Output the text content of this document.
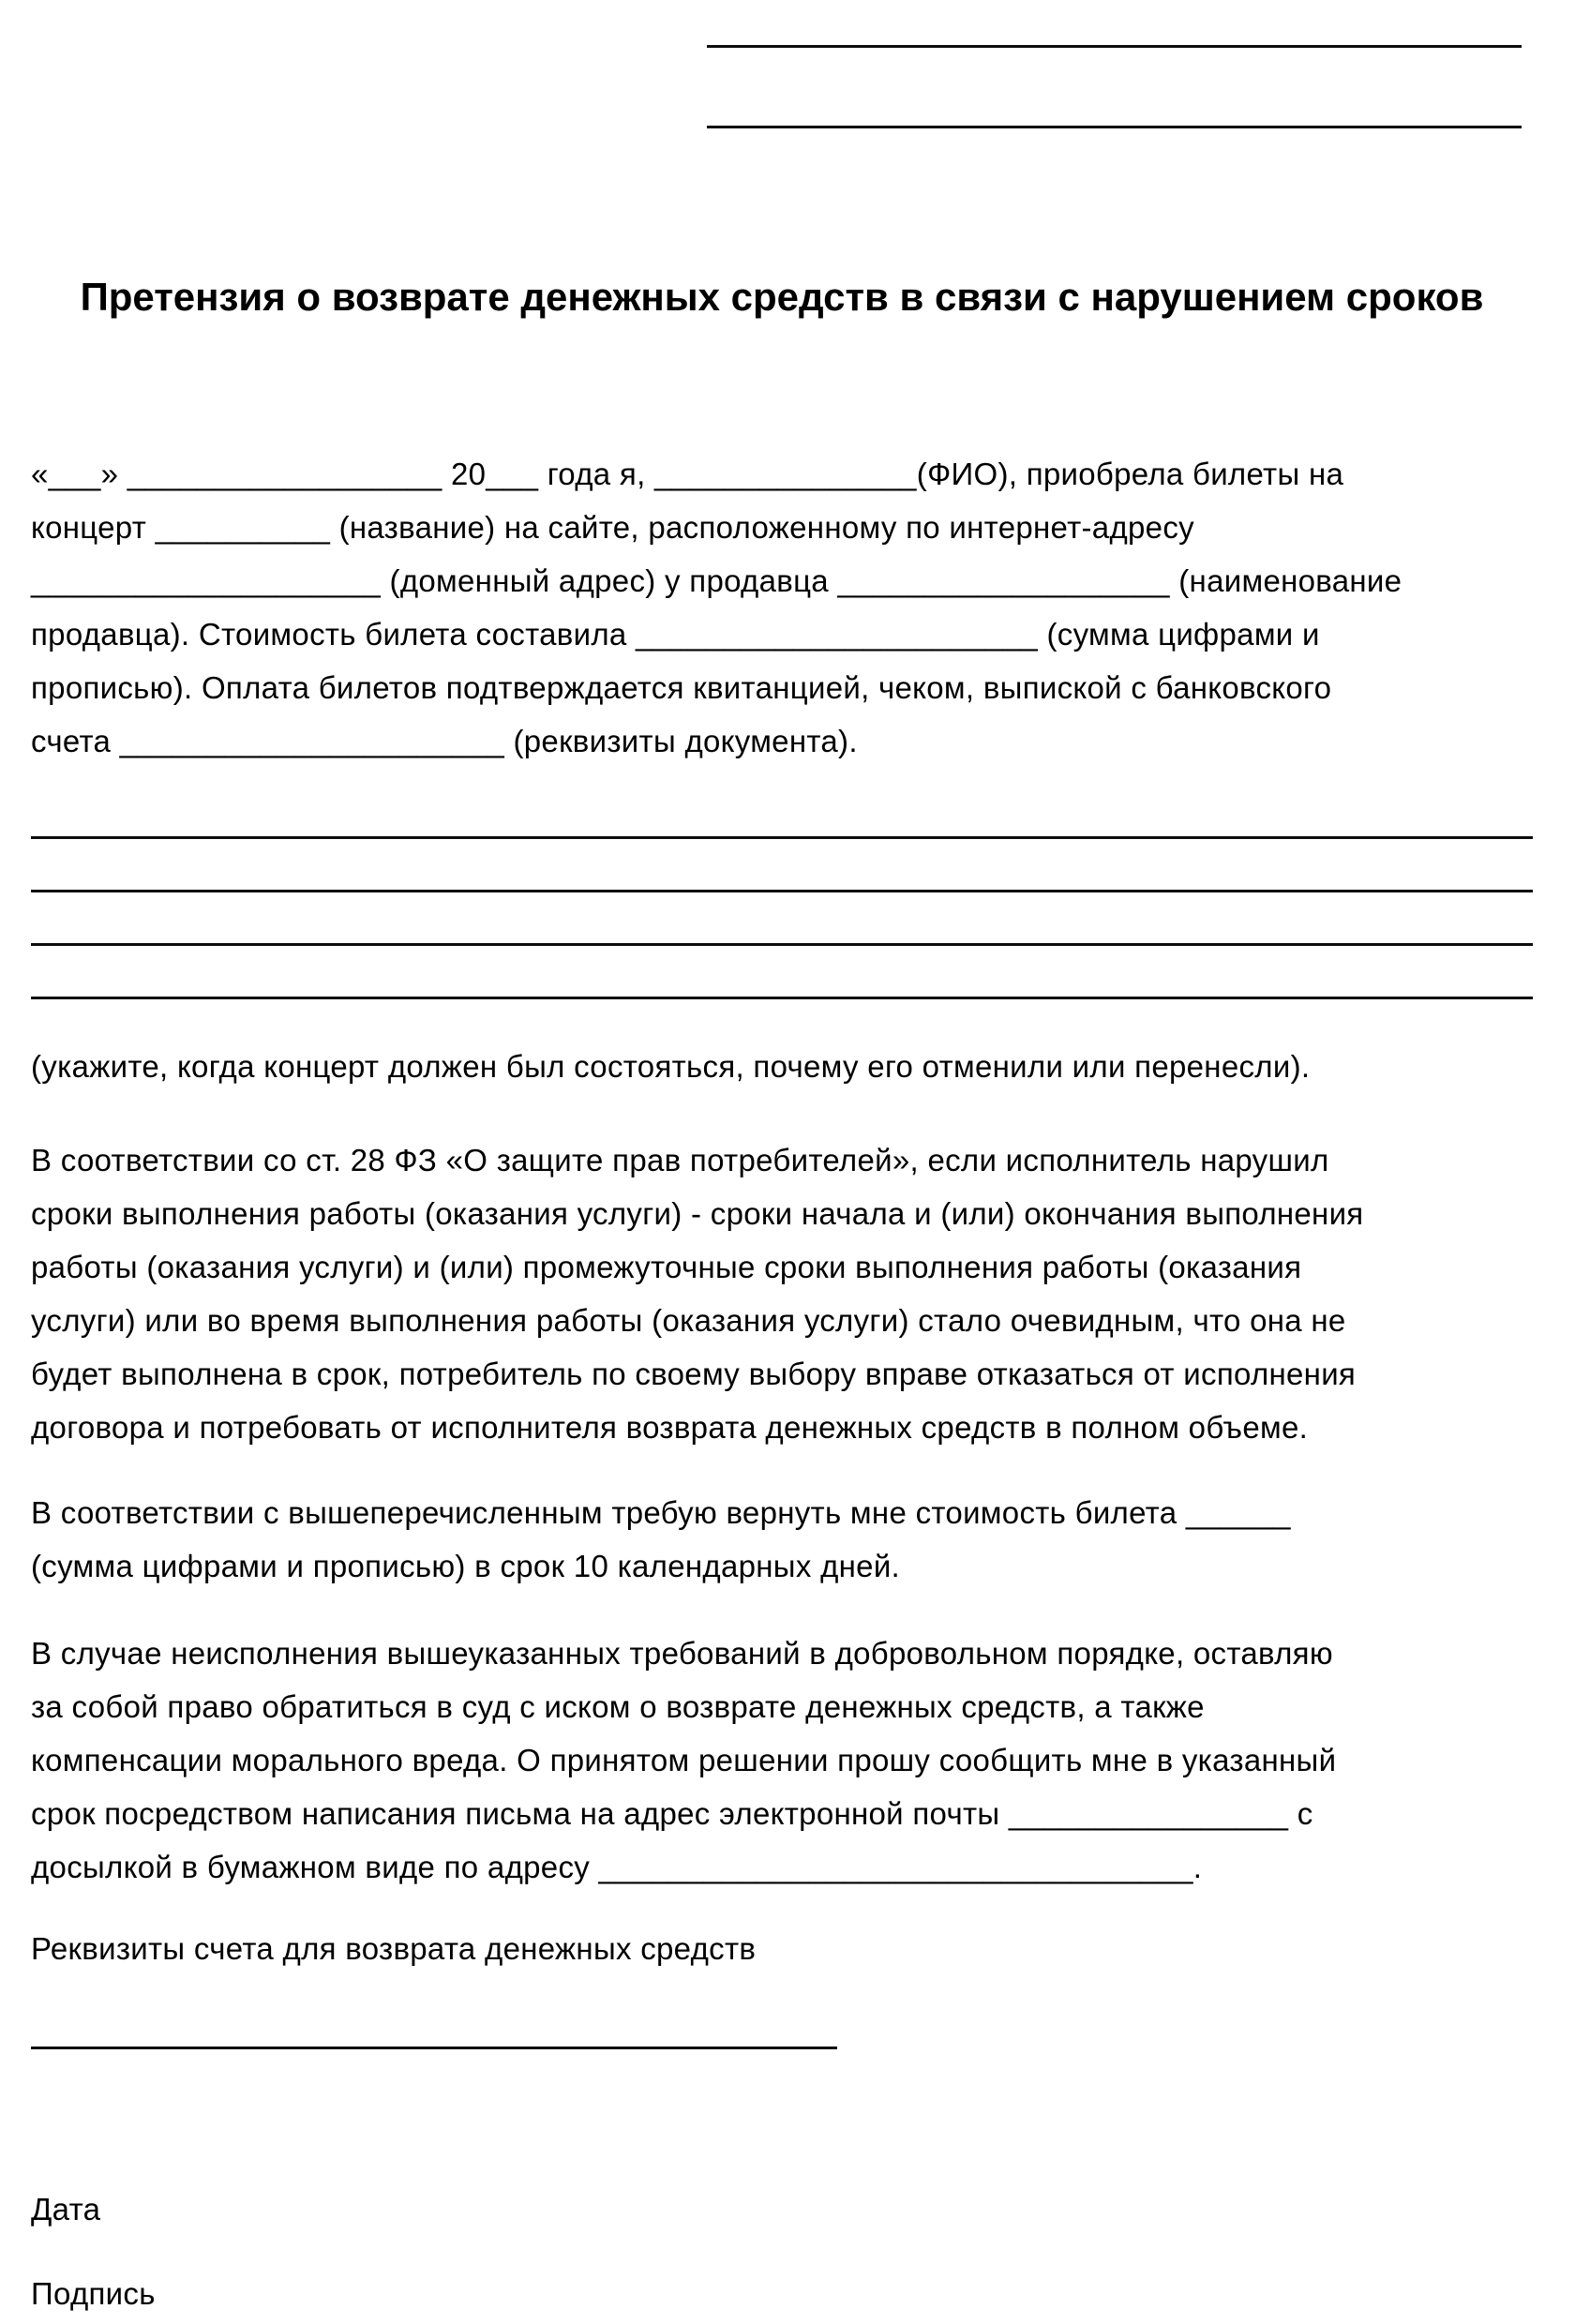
Претензия о возврате денежных средств в связи с нарушением сроков
«___» __________________ 20___ года я, _______________(ФИО), приобрела билеты на
концерт __________ (название) на сайте, расположенному по интернет-адресу
____________________ (доменный адрес) у продавца ___________________ (наименование
продавца). Стоимость билета составила _______________________ (сумма цифрами и
прописью). Оплата билетов подтверждается квитанцией, чеком, выпиской с банковского
счета ______________________ (реквизиты документа).
(укажите, когда концерт должен был состояться, почему его отменили или перенесли).
В соответствии со ст. 28 ФЗ «О защите прав потребителей», если исполнитель нарушил
сроки выполнения работы (оказания услуги) - сроки начала и (или) окончания выполнения
работы (оказания услуги) и (или) промежуточные сроки выполнения работы (оказания
услуги) или во время выполнения работы (оказания услуги) стало очевидным, что она не
будет выполнена в срок, потребитель по своему выбору вправе отказаться от исполнения
договора и потребовать от исполнителя возврата денежных средств в полном объеме.
В соответствии с вышеперечисленным требую вернуть мне стоимость билета ______
(сумма цифрами и прописью) в срок 10 календарных дней.
В случае неисполнения вышеуказанных требований в добровольном порядке, оставляю
за собой право обратиться в суд с иском о возврате денежных средств, а также
компенсации морального вреда. О принятом решении прошу сообщить мне в указанный
срок посредством написания письма на адрес электронной почты ________________ с
досылкой в бумажном виде по адресу __________________________________.
Реквизиты счета для возврата денежных средств
Дата
Подпись
